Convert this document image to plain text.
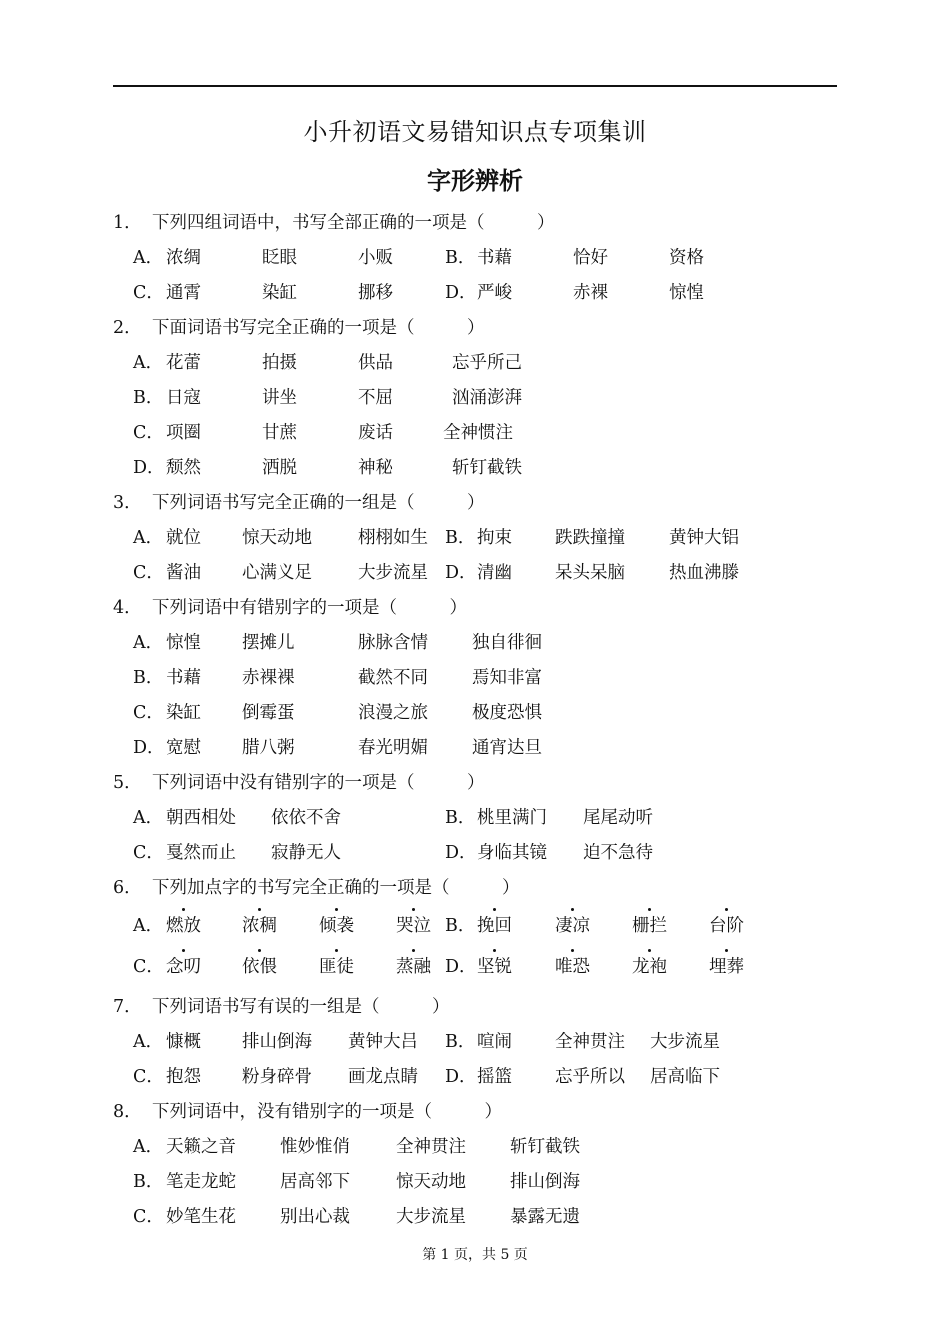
小升初语文易错知识点专项集训
字形辨析
1． 下列四组词语中，书写全部正确的一项是（　　　）
A． 浓绸	眨眼	小贩	B． 书藉	恰好	资格
C． 通霄	染缸	挪移	D． 严峻	赤裸	惊惶
2． 下面词语书写完全正确的一项是（　　　）
A． 花蕾	拍摄	供品	忘乎所己
B． 日寇	讲坐	不屈	汹涌澎湃
C． 项圈	甘蔗	废话	全神惯注
D． 颓然	洒脱	神秘	斩钉截铁
3． 下列词语书写完全正确的一组是（　　　）
A． 就位 惊天动地	栩栩如生 B． 拘束 跌跌撞撞	黄钟大铝
C． 酱油 心满义足	大步流星 D． 清幽 呆头呆脑	热血沸滕
4． 下列词语中有错别字的一项是（　　　）
A． 惊惶 摆摊儿	脉脉含情	独自徘徊
B． 书藉 赤裸裸	截然不同	焉知非富
C． 染缸 倒霉蛋	浪漫之旅	极度恐惧
D． 宽慰 腊八粥	春光明媚	通宵达旦
5． 下列词语中没有错别字的一项是（　　　）
A． 朝西相处 依依不舍	B． 桃里满门 尾尾动听
C． 戛然而止 寂静无人	D． 身临其镜 迫不急待
6． 下列加点字的书写完全正确的一项是（　　　）
A． 燃放 浓稠 倾袭 哭泣 B． 挽回 凄凉 栅拦 台阶
C． 念叨 依偎 匪徒 蒸融 D． 坚锐 唯恐 龙袍 埋葬
7． 下列词语书写有误的一组是（　　　）
A． 慷概 排山倒海 黄钟大吕 B． 喧闹 全神贯注 大步流星
C． 抱怨 粉身碎骨 画龙点睛 D． 摇篮 忘乎所以 居高临下
8． 下列词语中，没有错别字的一项是（　　　）
A． 天籁之音	惟妙惟俏	全神贯注	斩钉截铁
B． 笔走龙蛇	居高邻下	惊天动地	排山倒海
C． 妙笔生花	别出心裁	大步流星	暴露无遗
第 1 页，共 5 页
